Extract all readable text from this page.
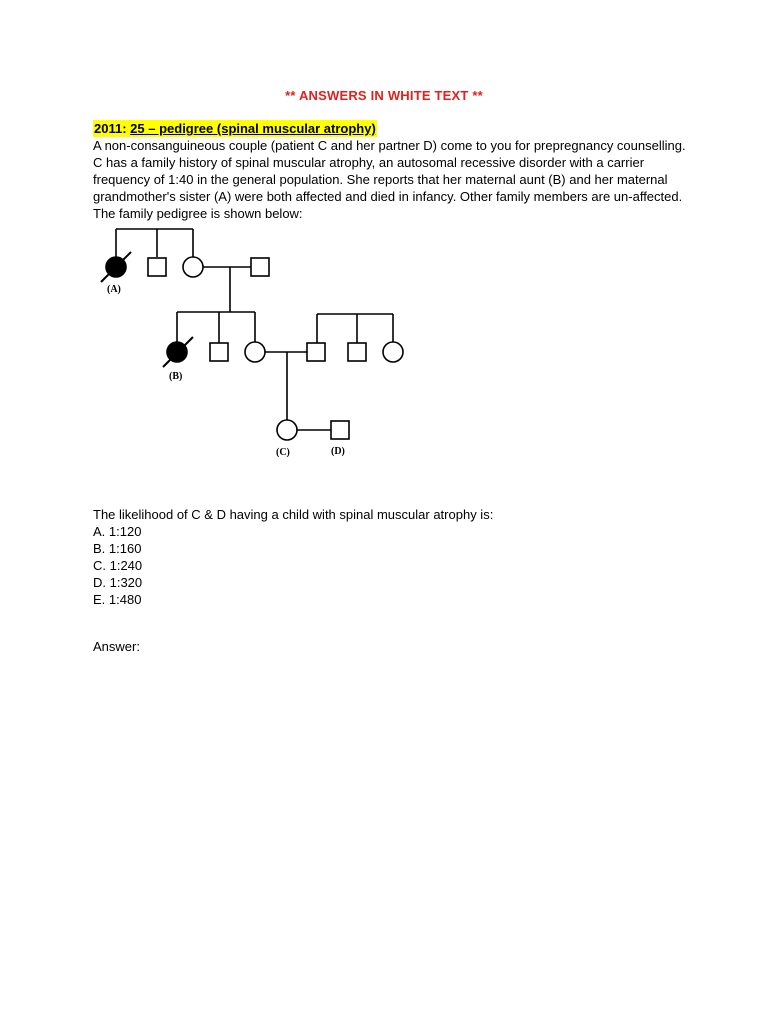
** ANSWERS IN WHITE TEXT **
2011: 25 – pedigree (spinal muscular atrophy)
A non-consanguineous couple (patient C and her partner D) come to you for prepregnancy counselling. C has a family history of spinal muscular atrophy, an autosomal recessive disorder with a carrier frequency of 1:40 in the general population. She reports that her maternal aunt (B) and her maternal grandmother's sister (A) were both affected and died in infancy. Other family members are un-affected. The family pedigree is shown below:
(A)
(B)
(C)	(D)
The likelihood of C & D having a child with spinal muscular atrophy is:
A. 1:120
B. 1:160
C. 1:240
D. 1:320
E. 1:480
Answer:
